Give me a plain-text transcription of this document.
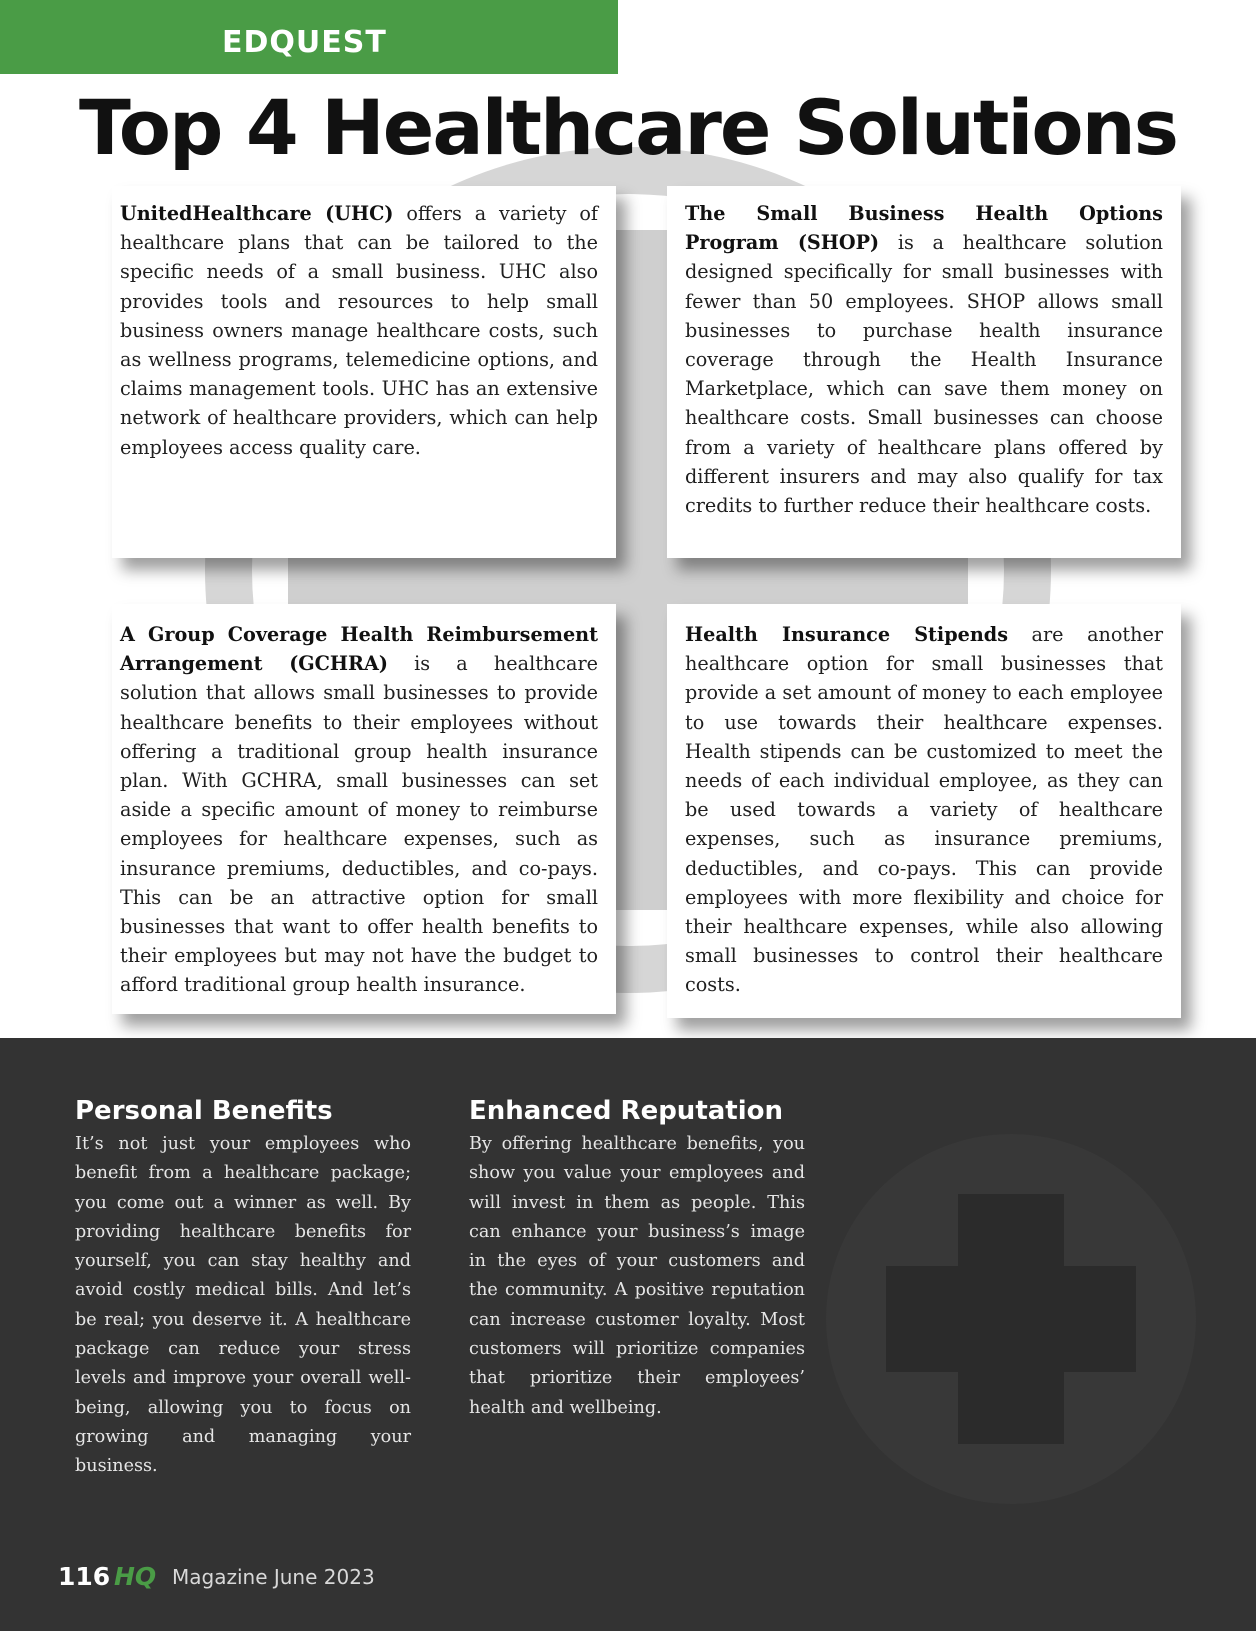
EDQUEST
Top 4 Healthcare Solutions

UnitedHealthcare (UHC) offers a variety of healthcare plans that can be tailored to the specific needs of a small business. UHC also provides tools and resources to help small business owners manage healthcare costs, such as wellness programs, telemedicine options, and claims management tools. UHC has an extensive network of healthcare providers, which can help employees access quality care.

The Small Business Health Options Program (SHOP) is a healthcare solution designed specifically for small businesses with fewer than 50 employees. SHOP allows small businesses to purchase health insurance coverage through the Health Insurance Marketplace, which can save them money on healthcare costs. Small businesses can choose from a variety of healthcare plans offered by different insurers and may also qualify for tax credits to further reduce their healthcare costs.

A Group Coverage Health Reimbursement Arrangement (GCHRA) is a healthcare solution that allows small businesses to provide healthcare benefits to their employees without offering a traditional group health insurance plan. With GCHRA, small businesses can set aside a specific amount of money to reimburse employees for healthcare expenses, such as insurance premiums, deductibles, and co-pays. This can be an attractive option for small businesses that want to offer health benefits to their employees but may not have the budget to afford traditional group health insurance.

Health Insurance Stipends are another healthcare option for small businesses that provide a set amount of money to each employee to use towards their healthcare expenses. Health stipends can be customized to meet the needs of each individual employee, as they can be used towards a variety of healthcare expenses, such as insurance premiums, deductibles, and co-pays. This can provide employees with more flexibility and choice for their healthcare expenses, while also allowing small businesses to control their healthcare costs.

Personal Benefits

It’s not just your employees who benefit from a healthcare package; you come out a winner as well. By providing healthcare benefits for yourself, you can stay healthy and avoid costly medical bills. And let’s be real; you deserve it. A healthcare package can reduce your stress levels and improve your overall well-being, allowing you to focus on growing and managing your business.

Enhanced Reputation

By offering healthcare benefits, you show you value your employees and will invest in them as people. This can enhance your business’s image in the eyes of your customers and the community. A positive reputation can increase customer loyalty. Most customers will prioritize companies that prioritize their employees’ health and wellbeing.

116 HQ Magazine June 2023
